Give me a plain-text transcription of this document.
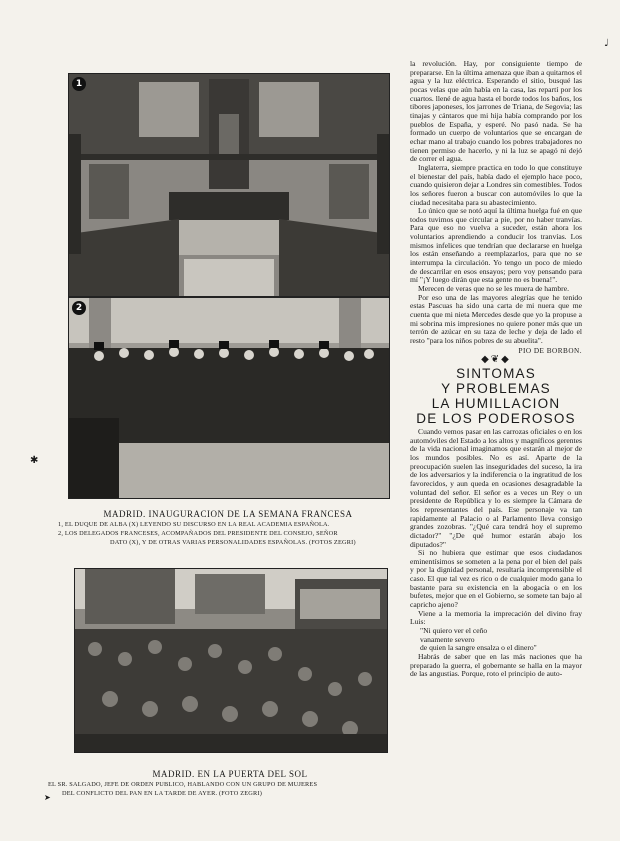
1
2
MADRID. INAUGURACION DE LA SEMANA FRANCESA
1, EL DUQUE DE ALBA (X) LEYENDO SU DISCURSO EN LA REAL ACADEMIA ESPAÑOLA.
2, LOS DELEGADOS FRANCESES, ACOMPAÑADOS DEL PRESIDENTE DEL CONSEJO, SEÑOR
DATO (X), Y DE OTRAS VARIAS PERSONALIDADES ESPAÑOLAS. (FOTOS ZEGRI)
MADRID. EN LA PUERTA DEL SOL
EL SR. SALGADO, JEFE DE ORDEN PUBLICO, HABLANDO CON UN GRUPO DE MUJERES
DEL CONFLICTO DEL PAN EN LA TARDE DE AYER. (FOTO ZEGRI)

la revolución. Hay, por consiguiente tiempo de prepararse. En la última amenaza que iban a quitarnos el agua y la luz eléctrica. Esperando el sitio, busqué las pocas velas que aún había en la casa, las repartí por los cuartos. llené de agua hasta el borde todos los baños, los tibores japoneses, los jarrones de Triana, de Segovia; las tinajas y cántaros que mi hija había comprando por los pueblos de España, y esperé. No pasó nada. Se ha formado un cuerpo de voluntarios que se encargan de echar mano al trabajo cuando los pobres trabajadores no tienen permiso de hacerlo, y ni la luz se apagó ni dejó de correr el agua.

Inglaterra, siempre practica en todo lo que constituye el bienestar del país, había dado el ejemplo hace poco, cuando quisieron dejar a Londres sin comestibles. Todos los señores fueron a buscar con automóviles lo que la ciudad necesitaba para su abastecimiento.

Lo único que se notó aquí la última huelga fué en que todos tuvimos que circular a pie, por no haber tranvías. Para que eso no vuelva a suceder, están ahora los voluntarios aprendiendo a conducir los tranvías. Los mismos infelices que tendrían que declararse en huelga los están enseñando a reemplazarlos, para que no se interrumpa la circulación. Yo tengo un poco de miedo de descarrilar en esos ensayos; pero voy pensando para mí "¡Y luego dirán que esta gente no es buena!".

Merecen de veras que no se les muera de hambre.

Por eso una de las mayores alegrías que he tenido estas Pascuas ha sido una carta de mi nuera que me cuenta que mi nieta Mercedes desde que yo la propuse a mi sobrina mis impresiones no quiere poner más que un terrón de azúcar en su taza de leche y deja de lado el resto "para los niños pobres de su abuelita".

PIO DE BORBON.

◆❦◆
SINTOMAS
Y PROBLEMAS
LA HUMILLACION
DE LOS PODEROSOS

Cuando vemos pasar en las carrozas oficiales o en los automóviles del Estado a los altos y magníficos gerentes de la vida nacional imaginamos que estarán al mejor de los mundos posibles. No es así. Aparte de la preocupación suelen las inseguridades del suceso, la ira de los adversarios y la indiferencia o la ingratitud de los favorecidos, y aun queda en ocasiones desagradable la voluntad del señor. El señor es a veces un Rey o un presidente de República y lo es siempre la Cámara de los representantes del país. Ese personaje va tan rapidamente al Palacio o al Parlamento lleva consigo grandes zozobras. "¿Qué cara tendrá hoy el supremo dictador?" "¿De qué humor estarán abajo los diputados?"

Si no hubiera que estimar que esos ciudadanos eminentísimos se someten a la pena por el bien del país y por la dignidad personal, resultaría incomprensible el caso. El que tal vez es rico o de cualquier modo gana lo bastante para su existencia en la abogacía o en los bufetes, mejor que en el Gobierno, se somete tan bajo al capricho ajeno?

Viene a la memoria la imprecación del divino fray Luis:

"Ni quiero ver el ceño

vanamente severo

de quien la sangre ensalza o el dinero"

Habrás de saber que en las más naciones que ha preparado la guerra, el gobernante se halla en la mayor de las angustias. Porque, roto el principio de auto-

✱
➤
♩
